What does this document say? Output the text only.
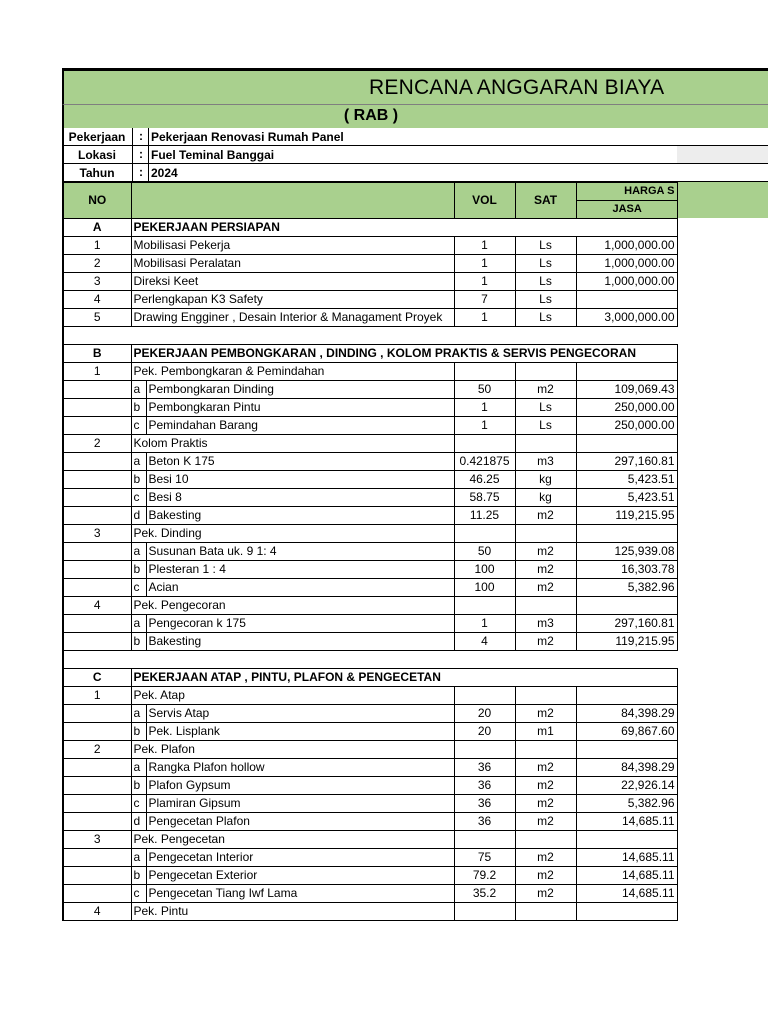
RENCANA ANGGARAN BIAYA
( RAB )
Pekerjaan	: Pekerjaan Renovasi Rumah Panel
Lokasi	: Fuel Teminal Banggai
Tahun	: 2024
NO		VOL	SAT	HARGA S
				JASA
A	PEKERJAAN PERSIAPAN			
1	Mobilisasi Pekerja	1	Ls	1,000,000.00
2	Mobilisasi Peralatan	1	Ls	1,000,000.00
3	Direksi Keet	1	Ls	1,000,000.00
4	Perlengkapan K3 Safety	7	Ls	
5	Drawing Engginer , Desain Interior & Managament Proyek	1	Ls	3,000,000.00

B	PEKERJAAN PEMBONGKARAN , DINDING , KOLOM PRAKTIS & SERVIS PENGECORAN			
1	Pek. Pembongkaran & Pemindahan			

	a Pembongkaran Dinding	50	m2	109,069.43

	b Pembongkaran Pintu	1	Ls	250,000.00

	c Pemindahan Barang	1	Ls	250,000.00
2	Kolom Praktis			

	a Beton K 175	0.421875	m3	297,160.81

	b Besi 10	46.25	kg	5,423.51

	c Besi 8	58.75	kg	5,423.51

	d Bakesting	11.25	m2	119,215.95
3	Pek. Dinding			

	a Susunan Bata uk. 9 1: 4	50	m2	125,939.08

	b Plesteran 1 : 4	100	m2	16,303.78

	c Acian	100	m2	5,382.96
4	Pek. Pengecoran			

	a Pengecoran k 175	1	m3	297,160.81

	b Bakesting	4	m2	119,215.95

C	PEKERJAAN ATAP , PINTU, PLAFON & PENGECETAN			
1	Pek. Atap			

	a Servis Atap	20	m2	84,398.29

	b Pek. Lisplank	20	m1	69,867.60
2	Pek. Plafon			

	a Rangka Plafon hollow	36	m2	84,398.29

	b Plafon Gypsum	36	m2	22,926.14

	c Plamiran Gipsum	36	m2	5,382.96

	d Pengecetan Plafon	36	m2	14,685.11
3	Pek. Pengecetan			

	a Pengecetan Interior	75	m2	14,685.11

	b Pengecetan Exterior	79.2	m2	14,685.11

	c Pengecetan Tiang Iwf Lama	35.2	m2	14,685.11
4	Pek. Pintu			
